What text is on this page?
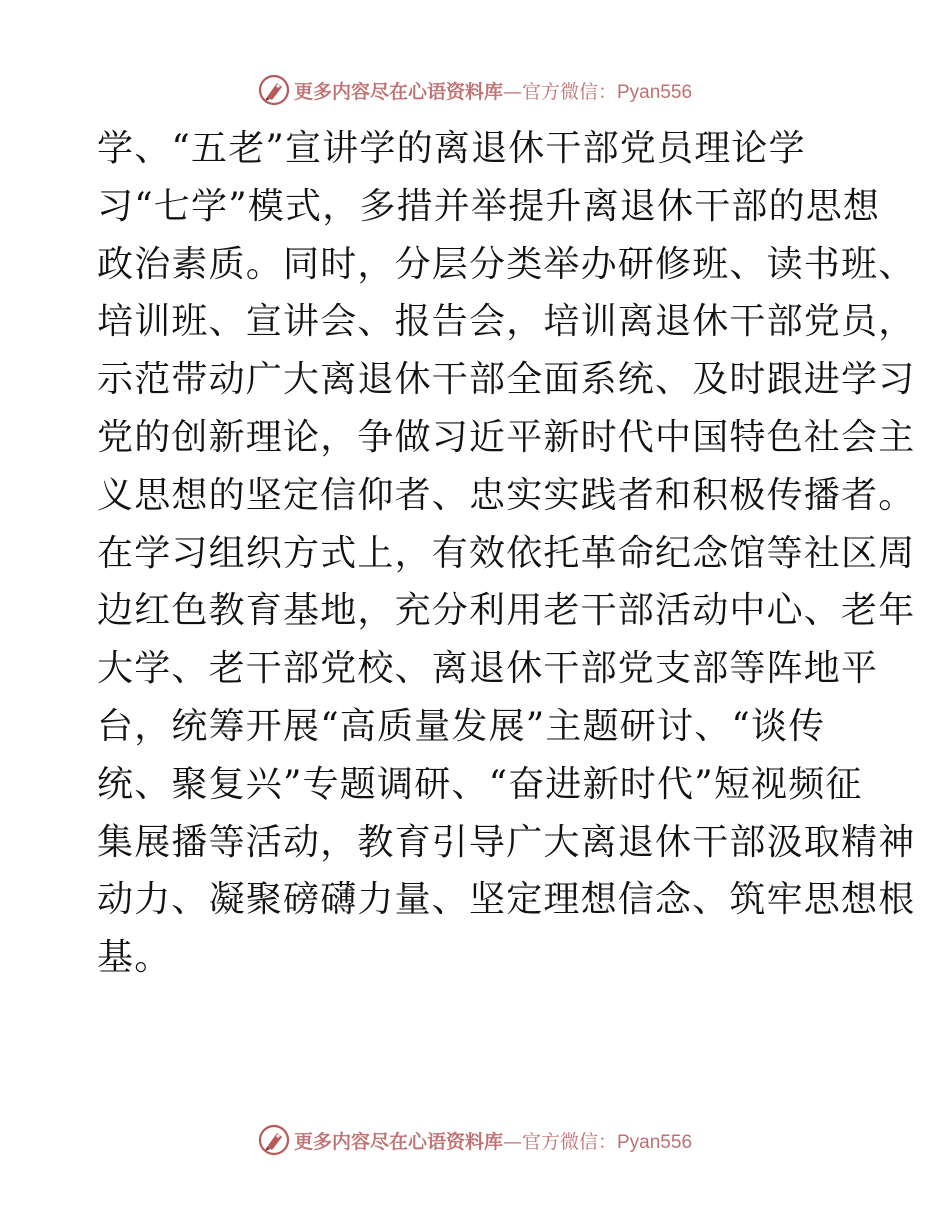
更多内容尽在心语资料库—官方微信：Pyan556
学、“五老”宣讲学的离退休干部党员理论学
习“七学”模式，多措并举提升离退休干部的思想
政治素质。同时，分层分类举办研修班、读书班、
培训班、宣讲会、报告会，培训离退休干部党员，
示范带动广大离退休干部全面系统、及时跟进学习
党的创新理论，争做习近平新时代中国特色社会主
义思想的坚定信仰者、忠实实践者和积极传播者。
在学习组织方式上，有效依托革命纪念馆等社区周
边红色教育基地，充分利用老干部活动中心、老年
大学、老干部党校、离退休干部党支部等阵地平
台，统筹开展“高质量发展”主题研讨、“谈传
统、聚复兴”专题调研、“奋进新时代”短视频征
集展播等活动，教育引导广大离退休干部汲取精神
动力、凝聚磅礴力量、坚定理想信念、筑牢思想根
基。
更多内容尽在心语资料库—官方微信：Pyan556
